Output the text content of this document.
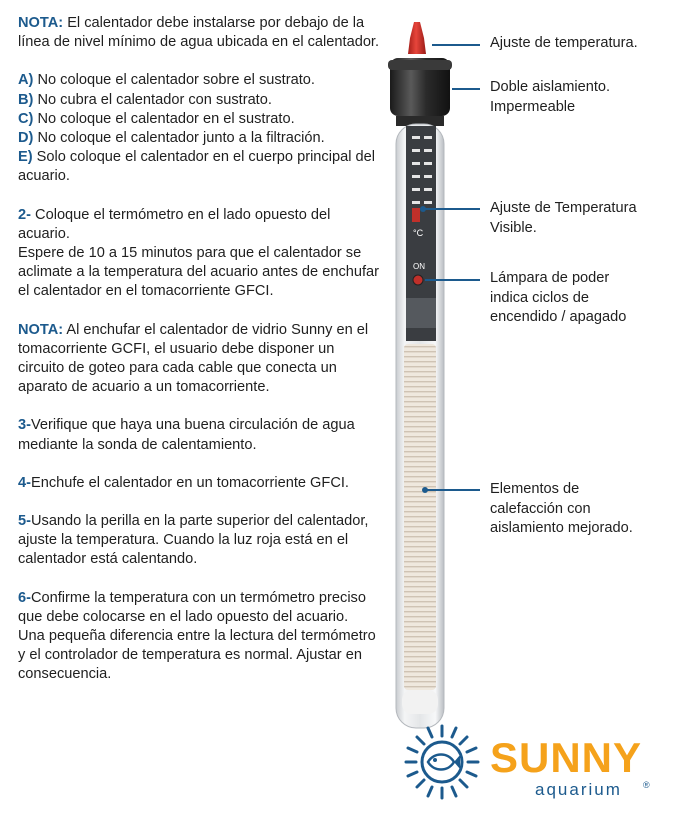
NOTA: El calentador debe instalarse por debajo de la línea de nivel mínimo de agua ubicada en el calentador.

A) No coloque el calentador sobre el sustrato.
B) No cubra el calentador con sustrato.
C) No coloque el calentador en el sustrato.
D) No coloque el calentador junto a la filtración.
E) Solo coloque el calentador en el cuerpo principal del acuario.

2- Coloque el termómetro en el lado opuesto del acuario.
Espere de 10 a 15 minutos para que el calentador se aclimate a la temperatura del acuario antes de enchufar el calentador en el tomacorriente GFCI.

NOTA: Al enchufar el calentador de vidrio Sunny en el tomacorriente GCFI, el usuario debe disponer un circuito de goteo para cada cable que conecta un aparato de acuario a un tomacorriente.

3-Verifique que haya una buena circulación de agua mediante la sonda de calentamiento.

4-Enchufe el calentador en un tomacorriente GFCI.

5-Usando la perilla en la parte superior del calentador, ajuste la temperatura. Cuando la luz roja está en el calentador está calentando.

6-Confirme la temperatura con un termómetro preciso que debe colocarse en el lado opuesto del acuario.
Una pequeña diferencia entre la lectura del termómetro y el controlador de temperatura es normal. Ajustar en consecuencia.

°C
ON
Ajuste de temperatura.
Doble aislamiento.
Impermeable
Ajuste de Temperatura
Visible.
Lámpara de poder
indica ciclos de
encendido / apagado
Elementos de
calefacción con
aislamiento mejorado.
SUNNY
®
aquarium
